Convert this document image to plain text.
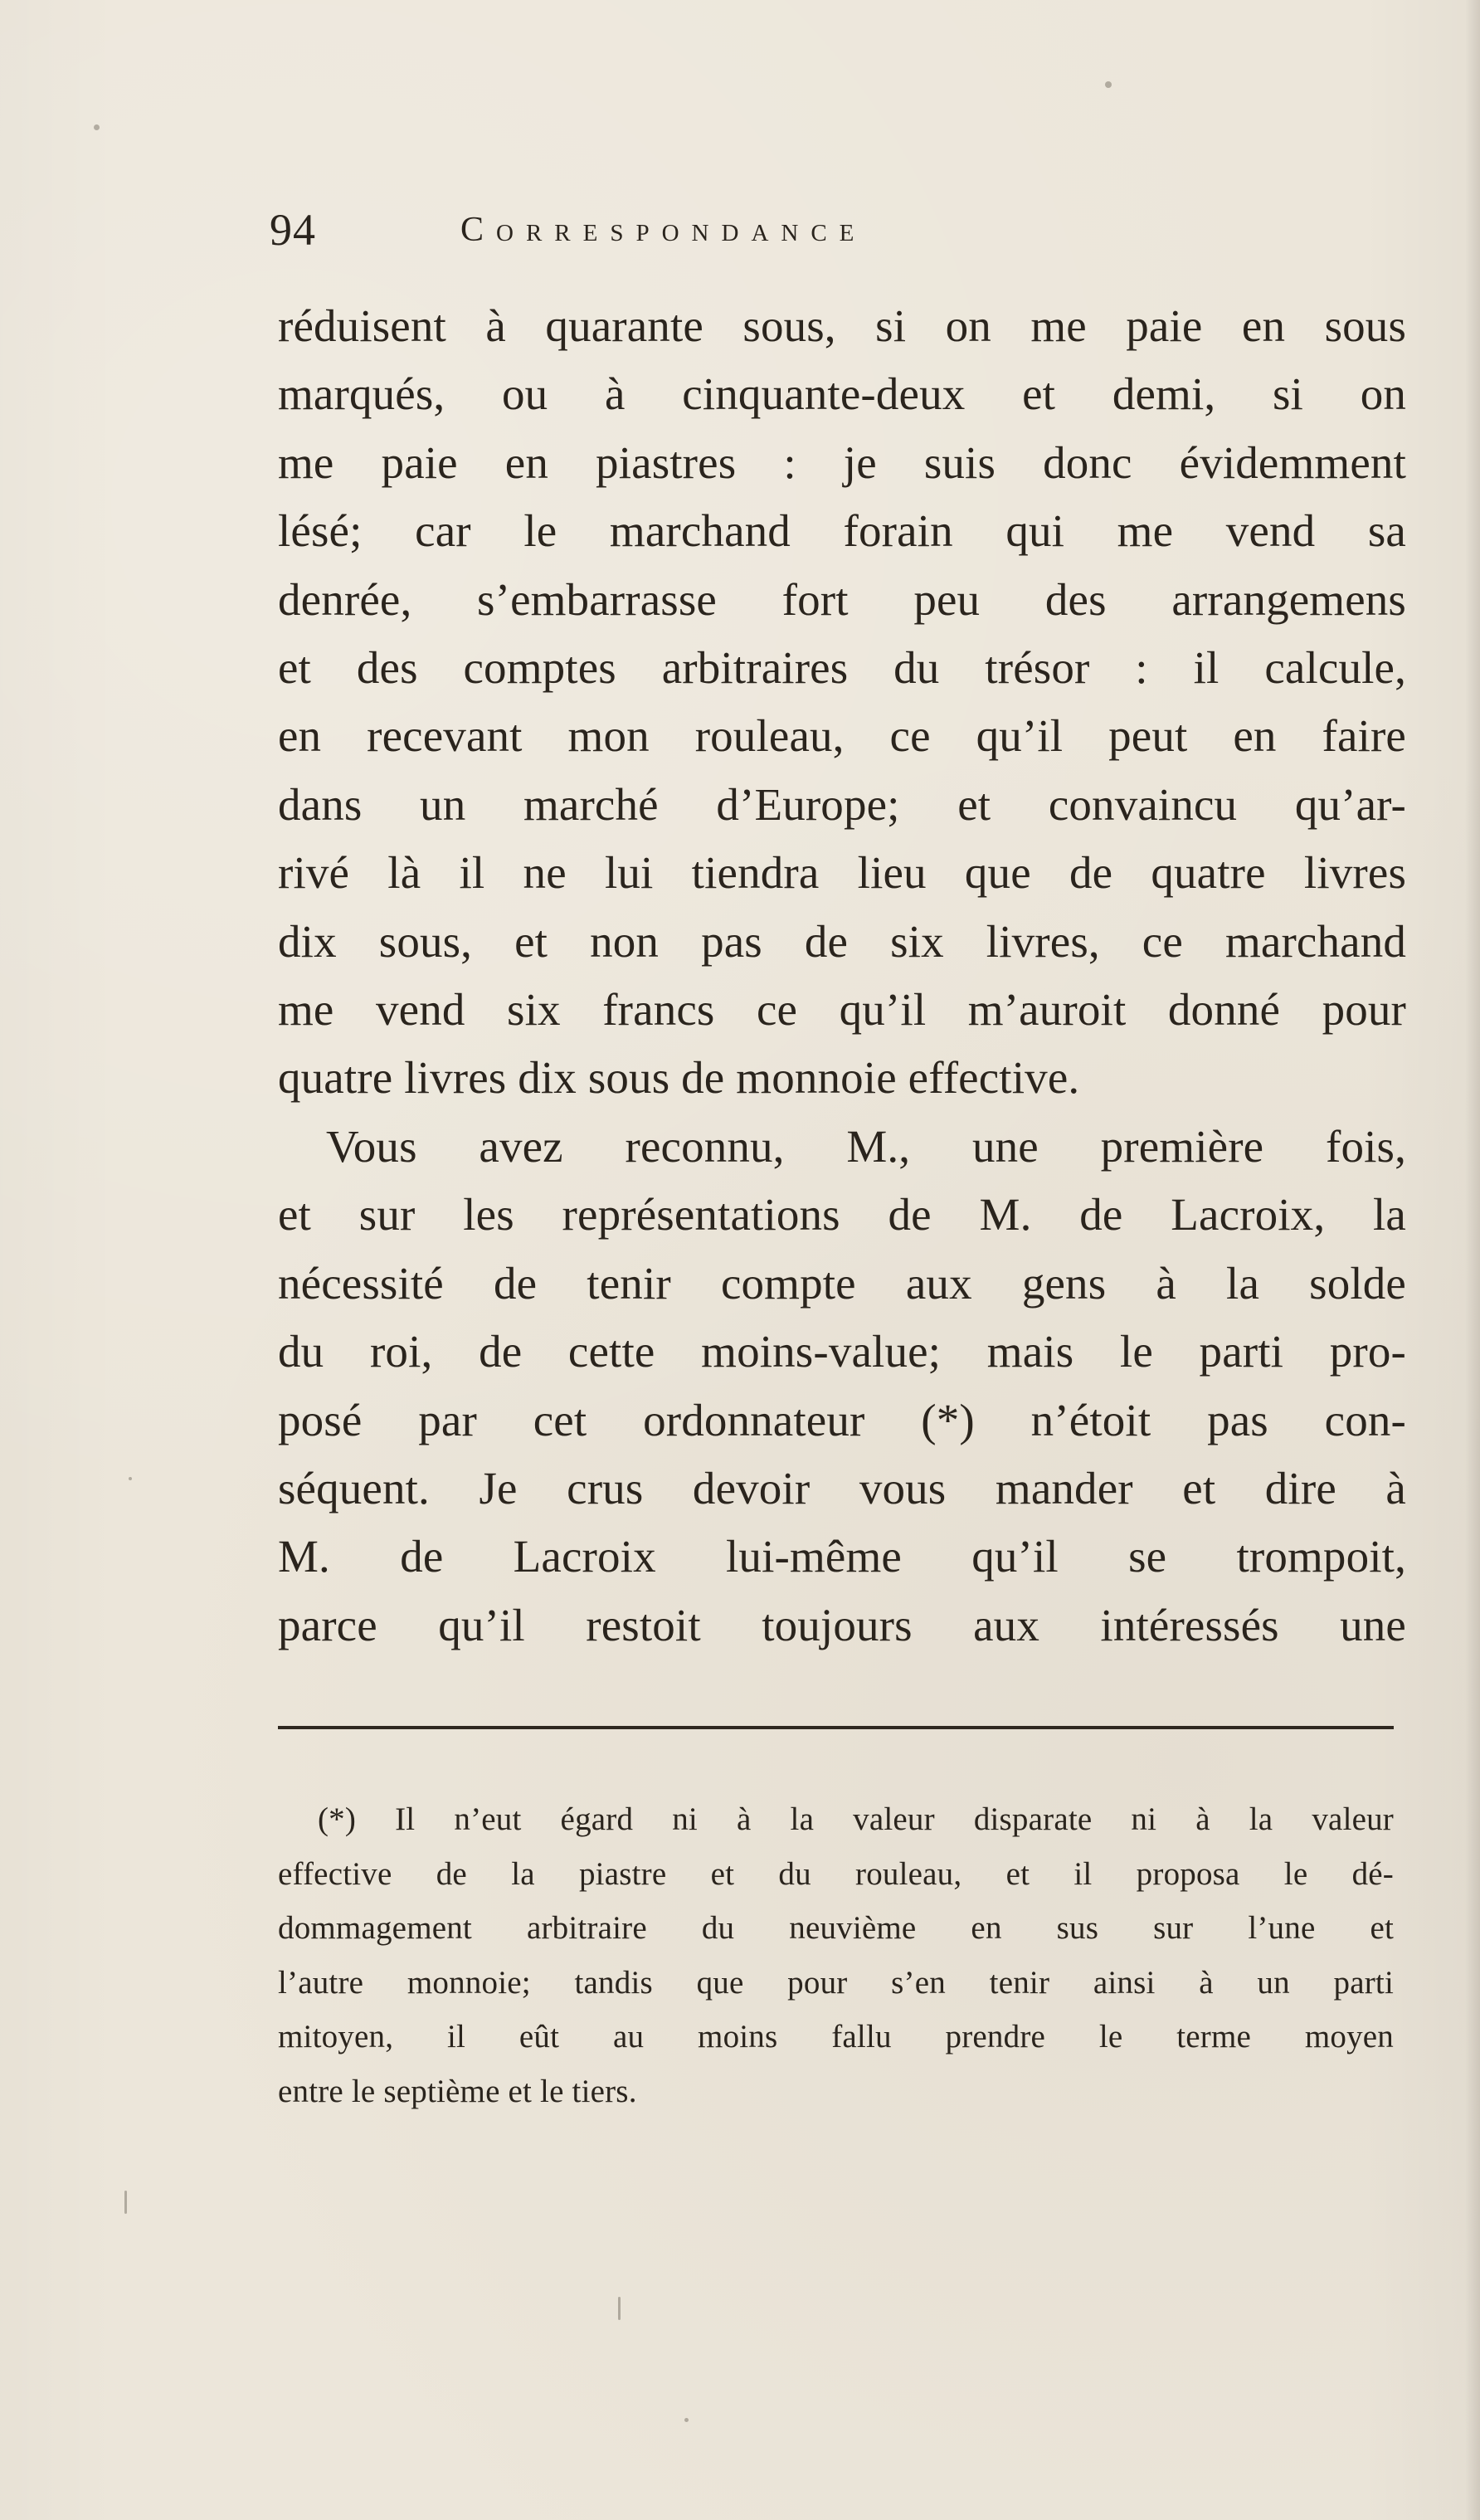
94	Correspondance
réduisent à quarante sous, si on me paie en sous
marqués, ou à cinquante-deux et demi, si on
me paie en piastres : je suis donc évidemment
lésé; car le marchand forain qui me vend sa
denrée, s’embarrasse fort peu des arrangemens
et des comptes arbitraires du trésor : il calcule,
en recevant mon rouleau, ce qu’il peut en faire
dans un marché d’Europe; et convaincu qu’ar-
rivé là il ne lui tiendra lieu que de quatre livres
dix sous, et non pas de six livres, ce marchand
me vend six francs ce qu’il m’auroit donné pour
quatre livres dix sous de monnoie effective.
Vous avez reconnu, M., une première fois,
et sur les représentations de M. de Lacroix, la
nécessité de tenir compte aux gens à la solde
du roi, de cette moins-value; mais le parti pro-
posé par cet ordonnateur (*) n’étoit pas con-
séquent. Je crus devoir vous mander et dire à
M. de Lacroix lui-même qu’il se trompoit,
parce qu’il restoit toujours aux intéressés une
(*) Il n’eut égard ni à la valeur disparate ni à la valeur
effective de la piastre et du rouleau, et il proposa le dé-
dommagement arbitraire du neuvième en sus sur l’une et
l’autre monnoie; tandis que pour s’en tenir ainsi à un parti
mitoyen, il eût au moins fallu prendre le terme moyen
entre le septième et le tiers.
